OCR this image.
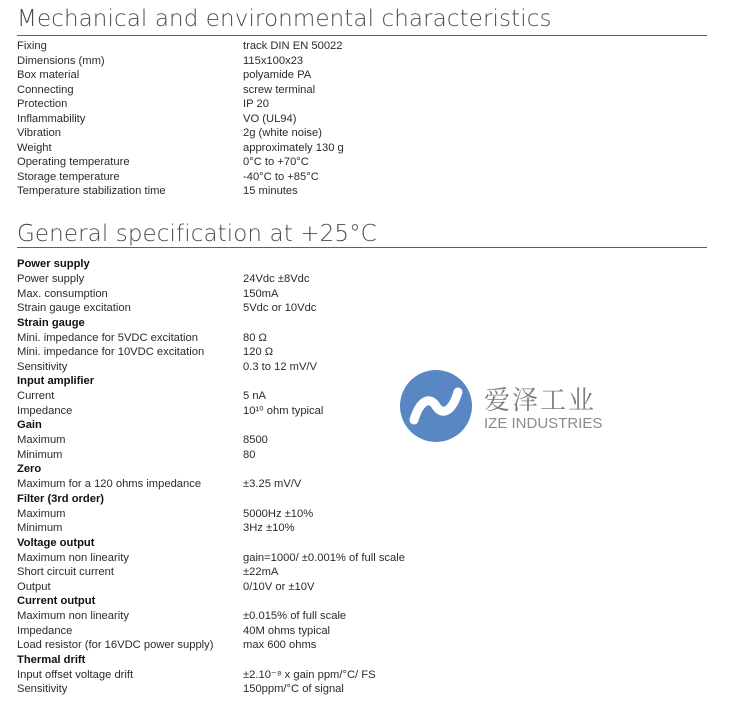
Mechanical and environmental characteristics
Fixing	track DIN EN 50022
Dimensions (mm)	115x100x23
Box material	polyamide PA
Connecting	screw terminal
Protection	IP 20
Inflammability	VO (UL94)
Vibration	2g (white noise)
Weight	approximately 130 g
Operating temperature	0°C to +70°C
Storage temperature	-40°C to +85°C
Temperature stabilization time	15 minutes
General specification at +25°C
Power supply
Power supply	24Vdc ±8Vdc
Max. consumption	150mA
Strain gauge excitation	5Vdc or 10Vdc
Strain gauge
Mini. impedance for 5VDC excitation	80 Ω
Mini. impedance for 10VDC excitation	120 Ω
Sensitivity	0.3 to 12 mV/V
Input amplifier
Current	5 nA
Impedance	10¹⁰ ohm typical
Gain
Maximum	8500
Minimum	80
Zero
Maximum for a 120 ohms impedance	±3.25 mV/V
Filter (3rd order)
Maximum	5000Hz ±10%
Minimum	3Hz ±10%
Voltage output
Maximum non linearity	gain=1000/ ±0.001% of full scale
Short circuit current	±22mA
Output	0/10V or ±10V
Current output
Maximum non linearity	±0.015% of full scale
Impedance	40M ohms typical
Load resistor (for 16VDC power supply)	max 600 ohms
Thermal drift
Input offset voltage drift	±2.10⁻⁸ x gain ppm/°C/ FS
Sensitivity	150ppm/°C of signal
爱泽工业
IZE INDUSTRIES
